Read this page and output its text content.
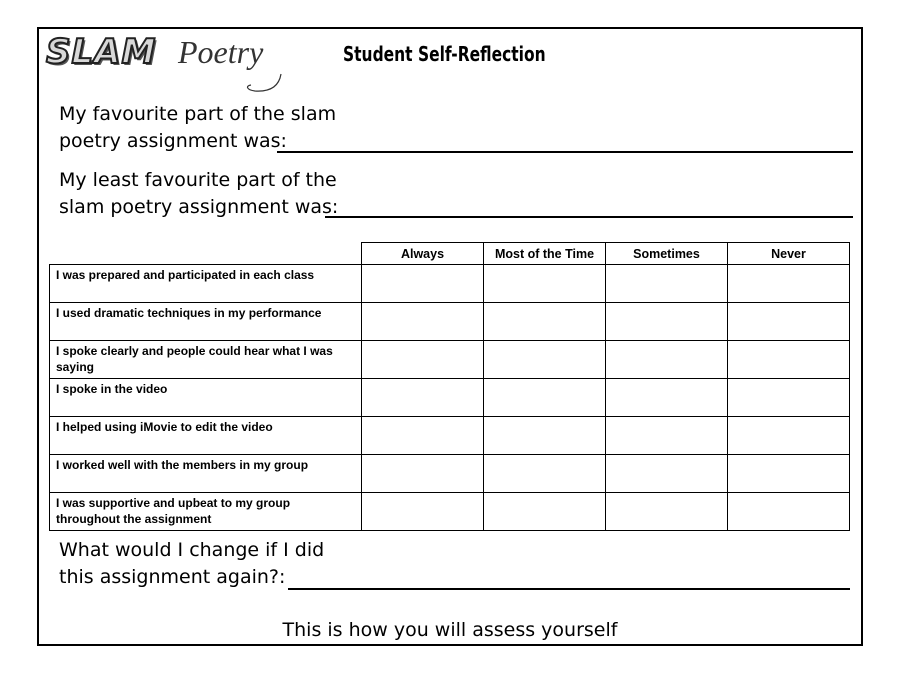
SLAM Poetry	Student Self-Reflection
My favourite part of the slam
poetry assignment was:
My least favourite part of the
slam poetry assignment was:
	Always	Most of the Time	Sometimes	Never
I was prepared and participated in each class				
I used dramatic techniques in my performance				
I spoke clearly and people could hear what I was saying				
I spoke in the video				
I helped using iMovie to edit the video				
I worked well with the members in my group				
I was supportive and upbeat to my group throughout the assignment				
What would I change if I did
this assignment again?:
This is how you will assess yourself
